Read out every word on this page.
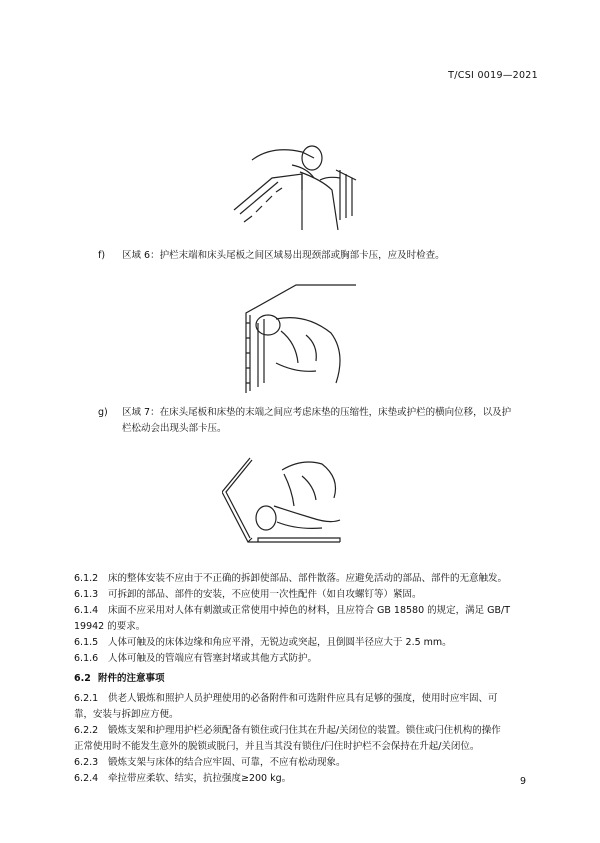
T/CSI 0019—2021
f) 区域 6：护栏末端和床头尾板之间区域易出现颈部或胸部卡压，应及时检查。
g) 区域 7：在床头尾板和床垫的末端之间应考虑床垫的压缩性，床垫或护栏的横向位移，以及护
栏松动会出现头部卡压。
6.1.2 床的整体安装不应由于不正确的拆卸使部品、部件散落。应避免活动的部品、部件的无意触发。
6.1.3 可拆卸的部品、部件的安装，不应使用一次性配件（如自攻螺钉等）紧固。
6.1.4 床面不应采用对人体有刺激或正常使用中掉色的材料，且应符合 GB 18580 的规定，满足 GB/T
19942 的要求。
6.1.5 人体可触及的床体边缘和角应平滑，无锐边或突起，且倒圆半径应大于 2.5 mm。
6.1.6 人体可触及的管端应有管塞封堵或其他方式防护。
6.2 附件的注意事项
6.2.1 供老人锻炼和照护人员护理使用的必备附件和可选附件应具有足够的强度，使用时应牢固、可
靠，安装与拆卸应方便。
6.2.2 锻炼支架和护理用护栏必须配备有锁住或闩住其在升起/关闭位的装置。锁住或闩住机构的操作
正常使用时不能发生意外的脱锁或脱闩，并且当其没有锁住/闩住时护栏不会保持在升起/关闭位。
6.2.3 锻炼支架与床体的结合应牢固、可靠，不应有松动现象。
6.2.4 牵拉带应柔软、结实，抗拉强度≥200 kg。	9
